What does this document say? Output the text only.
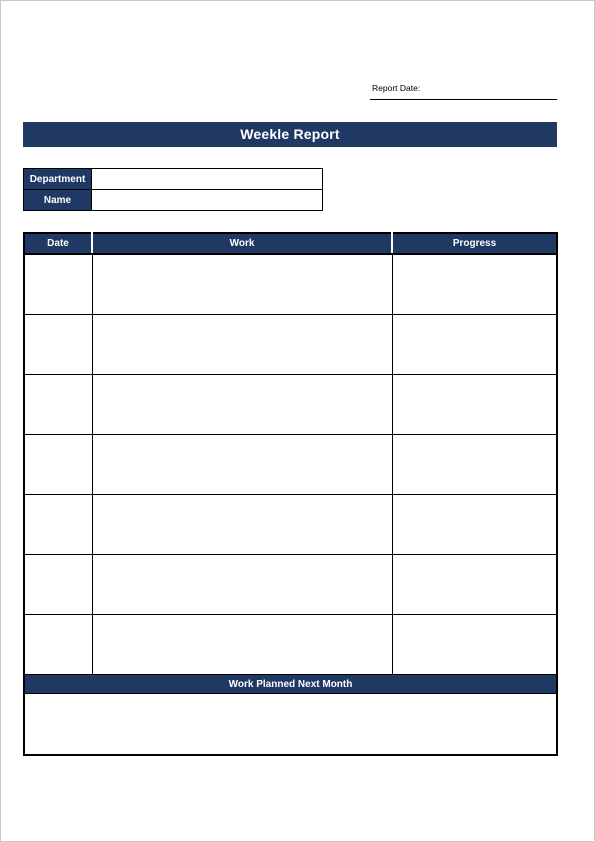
Report Date:
Weekle Report
Department	
Name	
Date	Work	Progress

Work Planned Next Month		
